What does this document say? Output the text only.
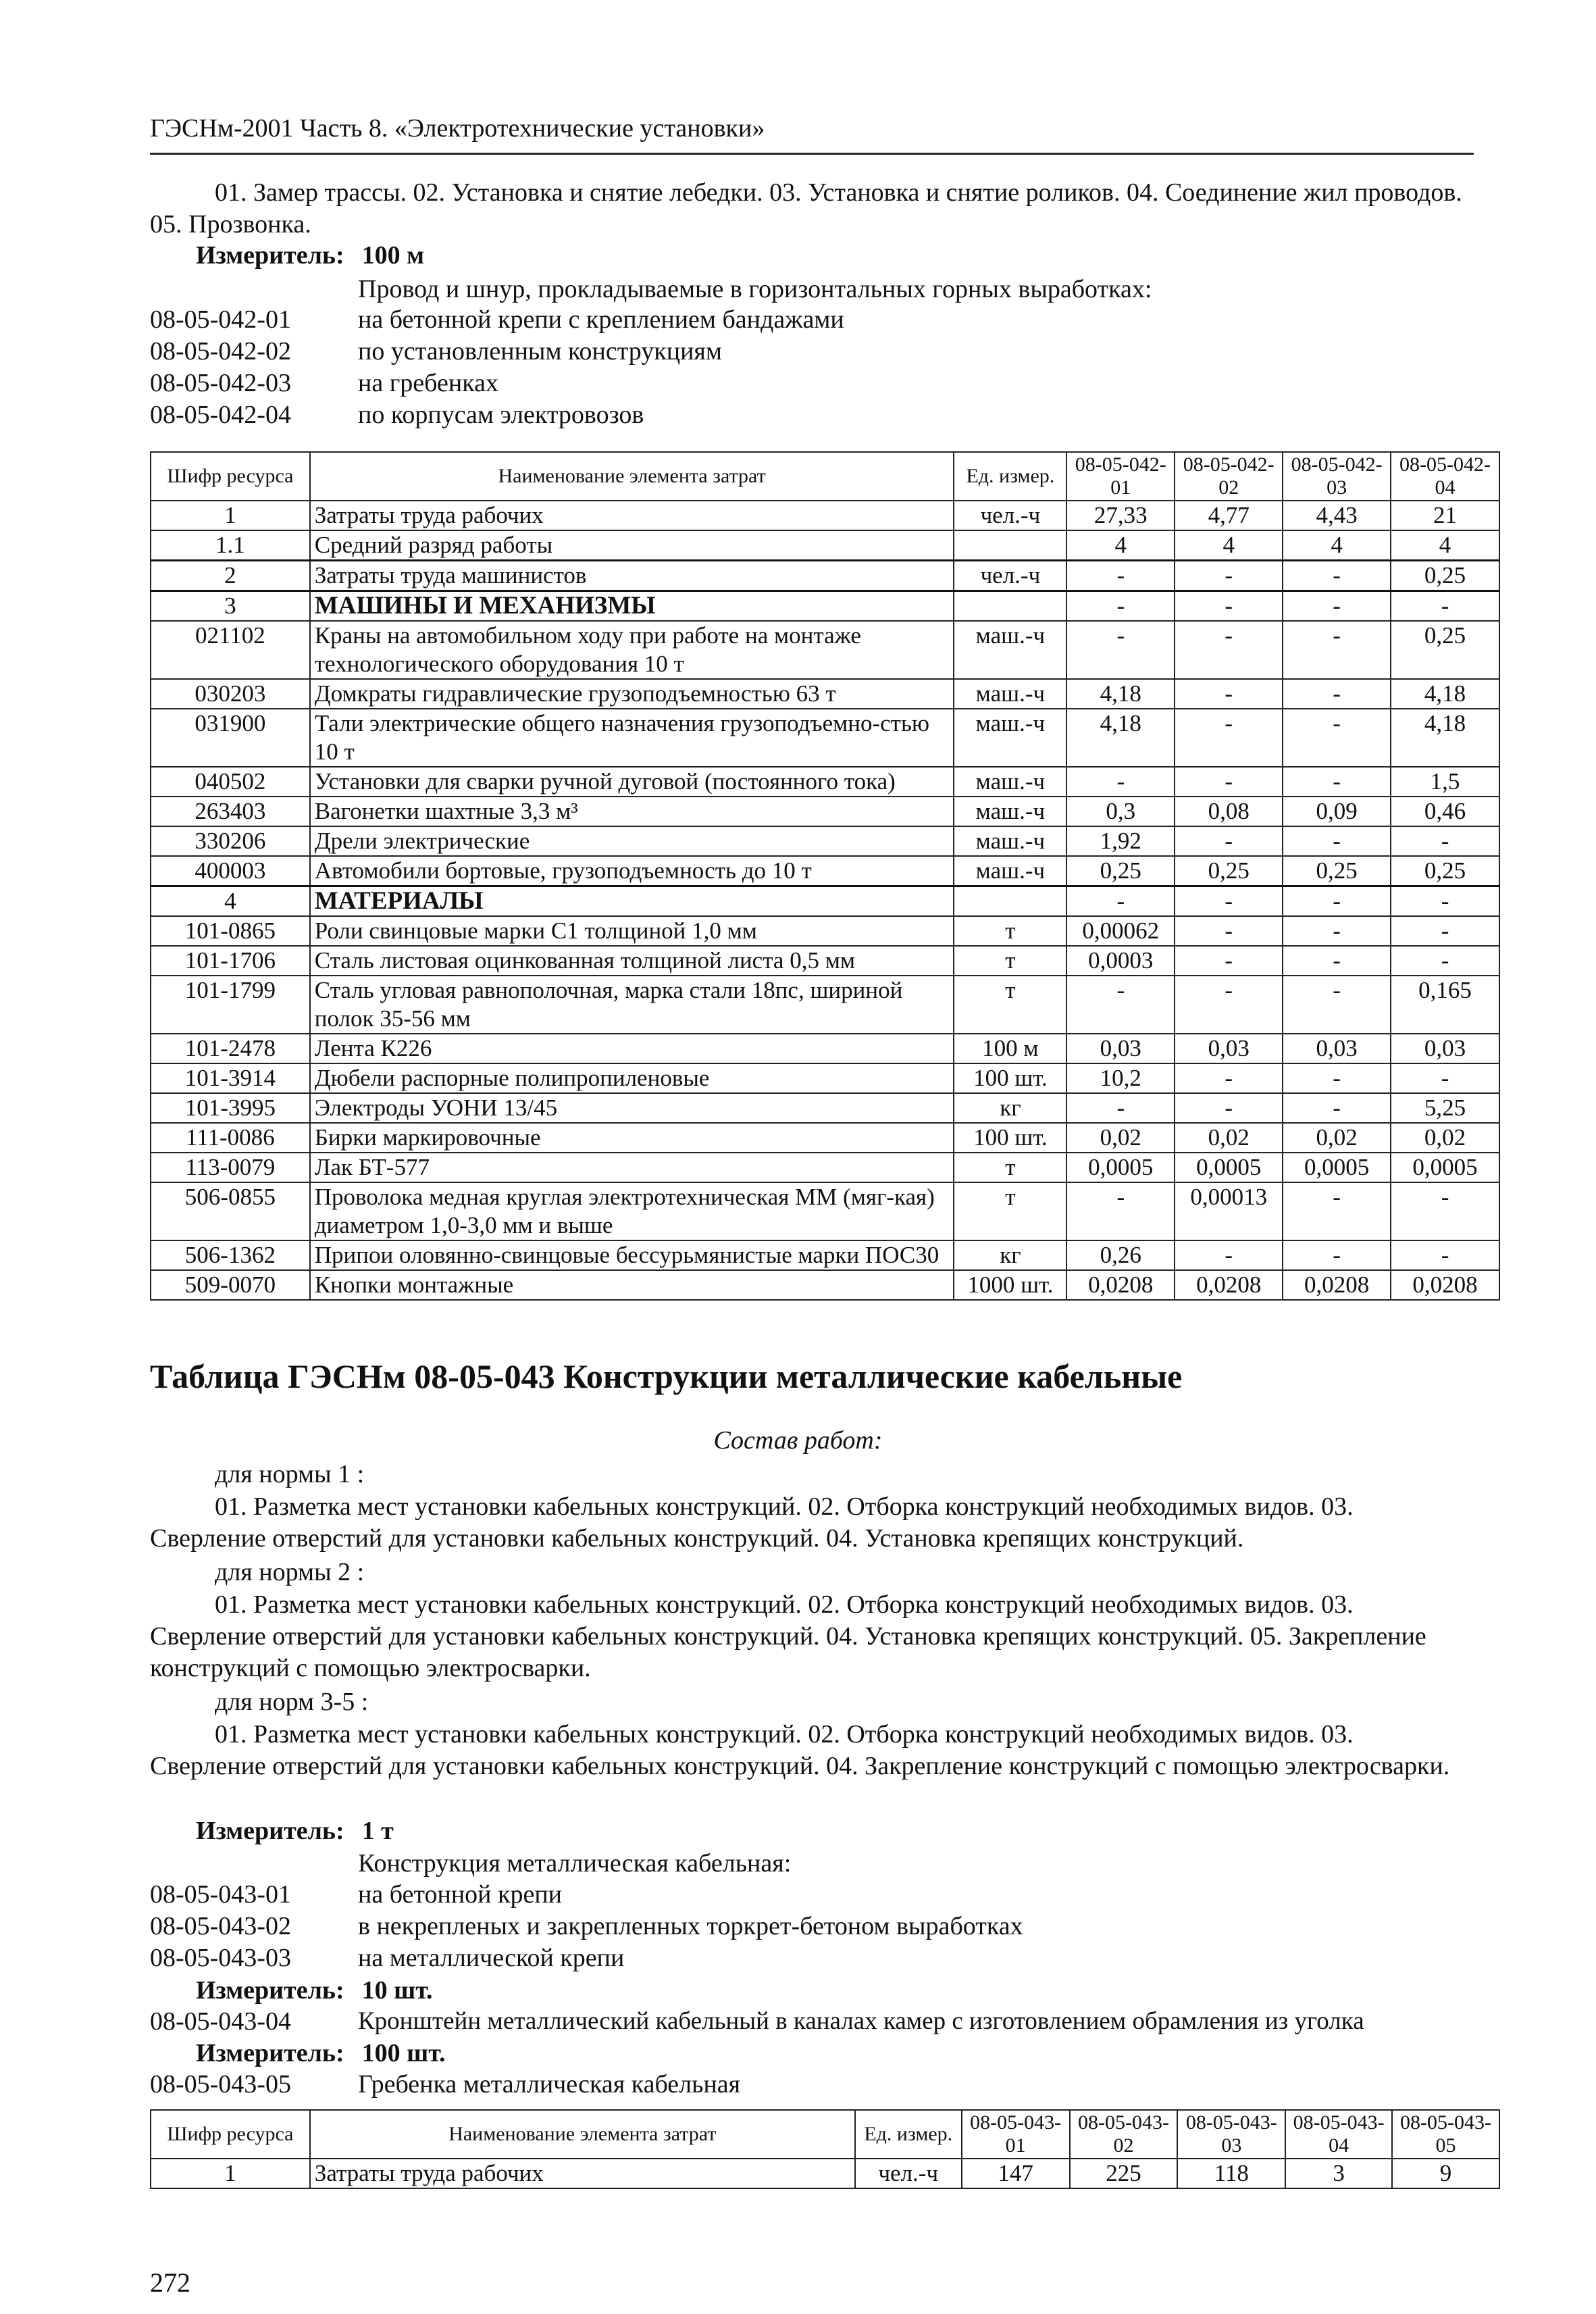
ГЭСНм-2001 Часть 8. «Электротехнические установки»
01. Замер трассы. 02. Установка и снятие лебедки. 03. Установка и снятие роликов. 04. Соединение жил проводов. 05. Прозвонка.
Измеритель: 100 м
Провод и шнур, прокладываемые в горизонтальных горных выработках:
08-05-042-01	на бетонной крепи с креплением бандажами
08-05-042-02	по установленным конструкциям
08-05-042-03	на гребенках
08-05-042-04	по корпусам электровозов
Шифр ресурса	Наименование элемента затрат	Ед. измер.	08-05-042-01	08-05-042-02	08-05-042-03	08-05-042-04
1	Затраты труда рабочих	чел.-ч	27,33	4,77	4,43	21
1.1	Средний разряд работы		4	4	4	4
2	Затраты труда машинистов	чел.-ч	-	-	-	0,25
3	МАШИНЫ И МЕХАНИЗМЫ		-	-	-	-
021102	Краны на автомобильном ходу при работе на монтаже технологического оборудования 10 т	маш.-ч	-	-	-	0,25
030203	Домкраты гидравлические грузоподъемностью 63 т	маш.-ч	4,18	-	-	4,18
031900	Тали электрические общего назначения грузоподъемно-стью 10 т	маш.-ч	4,18	-	-	4,18
040502	Установки для сварки ручной дуговой (постоянного тока)	маш.-ч	-	-	-	1,5
263403	Вагонетки шахтные 3,3 м³	маш.-ч	0,3	0,08	0,09	0,46
330206	Дрели электрические	маш.-ч	1,92	-	-	-
400003	Автомобили бортовые, грузоподъемность до 10 т	маш.-ч	0,25	0,25	0,25	0,25
4	МАТЕРИАЛЫ		-	-	-	-
101-0865	Роли свинцовые марки С1 толщиной 1,0 мм	т	0,00062	-	-	-
101-1706	Сталь листовая оцинкованная толщиной листа 0,5 мм	т	0,0003	-	-	-
101-1799	Сталь угловая равнополочная, марка стали 18пс, шириной полок 35-56 мм	т	-	-	-	0,165
101-2478	Лента К226	100 м	0,03	0,03	0,03	0,03
101-3914	Дюбели распорные полипропиленовые	100 шт.	10,2	-	-	-
101-3995	Электроды УОНИ 13/45	кг	-	-	-	5,25
111-0086	Бирки маркировочные	100 шт.	0,02	0,02	0,02	0,02
113-0079	Лак БТ-577	т	0,0005	0,0005	0,0005	0,0005
506-0855	Проволока медная круглая электротехническая ММ (мяг-кая) диаметром 1,0-3,0 мм и выше	т	-	0,00013	-	-
506-1362	Припои оловянно-свинцовые бессурьмянистые марки ПОС30	кг	0,26	-	-	-
509-0070	Кнопки монтажные	1000 шт.	0,0208	0,0208	0,0208	0,0208
Таблица ГЭСНм 08-05-043 Конструкции металлические кабельные
Состав работ:
для нормы 1 :
01. Разметка мест установки кабельных конструкций. 02. Отборка конструкций необходимых видов. 03. Сверление отверстий для установки кабельных конструкций. 04. Установка крепящих конструкций.
для нормы 2 :
01. Разметка мест установки кабельных конструкций. 02. Отборка конструкций необходимых видов. 03. Сверление отверстий для установки кабельных конструкций. 04. Установка крепящих конструкций. 05. Закрепление конструкций с помощью электросварки.
для норм 3-5 :
01. Разметка мест установки кабельных конструкций. 02. Отборка конструкций необходимых видов. 03. Сверление отверстий для установки кабельных конструкций. 04. Закрепление конструкций с помощью электросварки.
Измеритель: 1 т
Конструкция металлическая кабельная:
08-05-043-01	на бетонной крепи
08-05-043-02	в некрепленых и закрепленных торкрет-бетоном выработках
08-05-043-03	на металлической крепи
Измеритель: 10 шт.
08-05-043-04	Кронштейн металлический кабельный в каналах камер с изготовлением обрамления из уголка
Измеритель: 100 шт.
08-05-043-05	Гребенка металлическая кабельная
Шифр ресурса	Наименование элемента затрат	Ед. измер.	08-05-043-01	08-05-043-02	08-05-043-03	08-05-043-04	08-05-043-05
1	Затраты труда рабочих	чел.-ч	147	225	118	3	9
272
